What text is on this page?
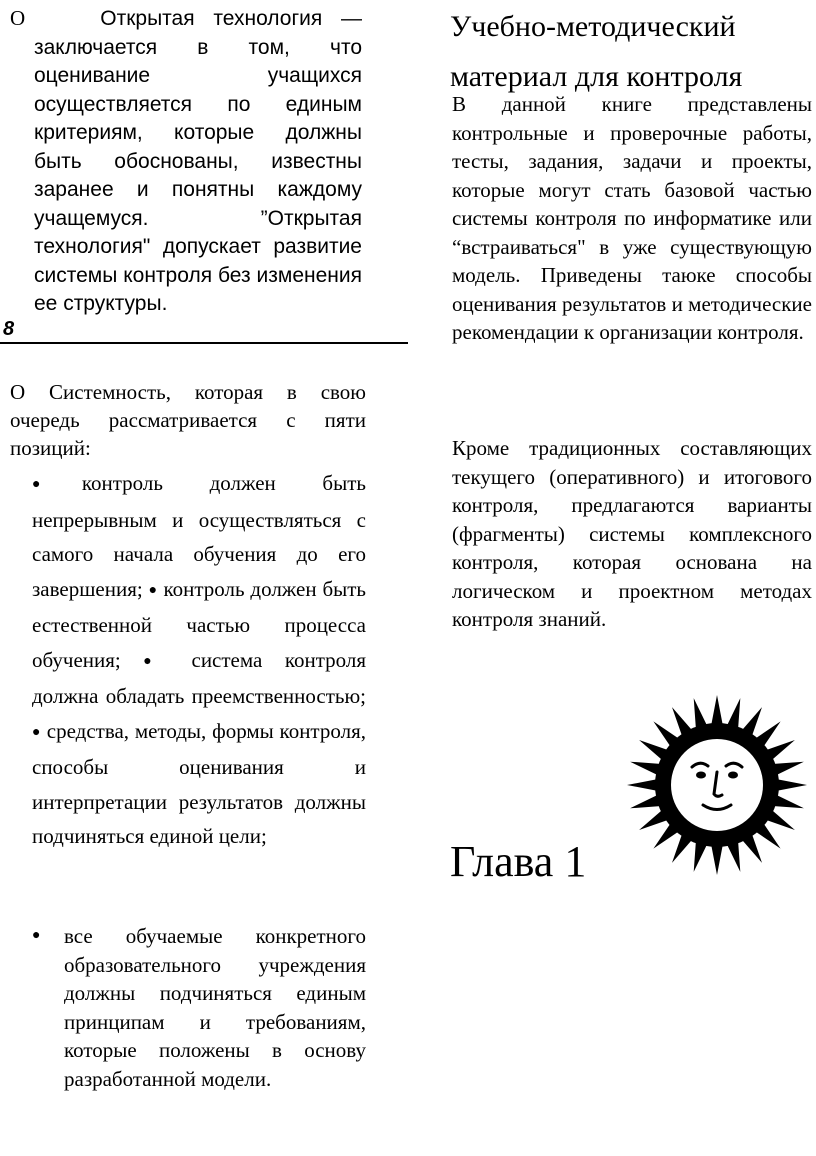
О	Открытая технология — заключается в том, что оценивание учащихся осуществляется по единым критериям, которые должны быть обоснованы, известны заранее и понятны каждому учащемуся. ”Открытая технология" допускает развитие системы контроля без изменения ее структуры.

8

О Системность, которая в свою очередь рассматривается с пяти позиций:

●контроль должен быть непрерывным и осуществляться с самого начала обучения до его завершения; ● контроль должен быть естественной частью процесса обучения; ● система контроля должна обладать преемственностью; ● средства, методы, формы контроля, способы оценивания и интерпретации результатов должны подчиняться единой цели;

●	все обучаемые конкретного образовательного учреждения должны подчиняться единым принципам и требованиям, которые положены в основу разработанной модели.

Учебно-методический
материал для контроля

В данной книге представлены контрольные и проверочные работы, тесты, задания, задачи и проекты, которые могут стать базовой частью системы контроля по информатике или “встраиваться" в уже существующую модель. Приведены таюке способы оценивания результатов и методические рекомендации к организации контроля.

Кроме традиционных составляющих текущего (оперативного) и итогового контроля, предлагаются варианты (фрагменты) системы комплексного контроля, которая основана на логическом и проектном методах контроля знаний.

Глава 1
